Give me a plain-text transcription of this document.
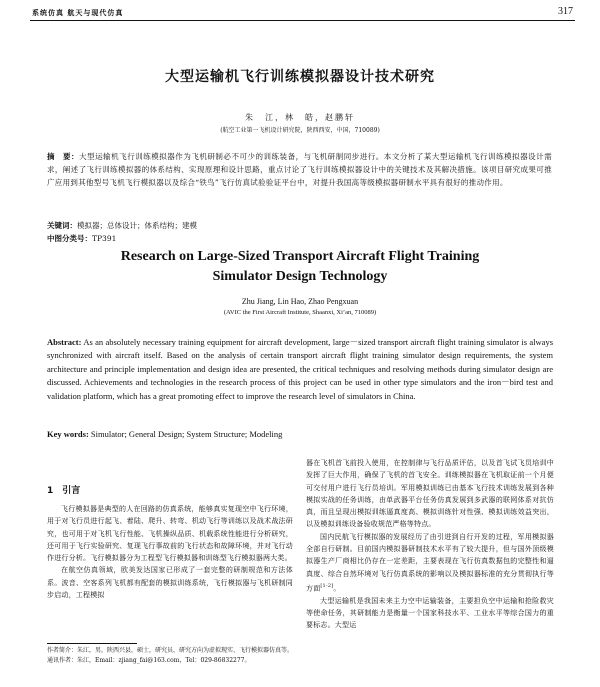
系统仿真 航天与现代仿真	317
大型运输机飞行训练模拟器设计技术研究
朱　江，林　皓，赵鹏轩
(航空工业第一飞机设计研究院，陕西西安，中国，710089)
摘　要：大型运输机飞行训练模拟器作为飞机研制必不可少的训练装备，与飞机研制同步进行。本文分析了某大型运输机飞行训练模拟器设计需求，阐述了飞行训练模拟器的体系结构、实现原理和设计思路，重点讨论了飞行训练模拟器设计中的关键技术及其解决措施。该项目研究成果可推广应用到其他型号飞机飞行模拟器以及综合“铁鸟”飞行仿真试验验证平台中，对提升我国高等级模拟器研制水平具有很好的推动作用。
关键词：模拟器；总体设计；体系结构；建模
中图分类号：TP391
Research on Large-Sized Transport Aircraft Flight Training
Simulator Design Technology
Zhu Jiang, Lin Hao, Zhao Pengxuan
(AVIC the First Aircraft Institute, Shaanxi, Xi’an, 710089)
Abstract: As an absolutely necessary training equipment for aircraft development, large－sized transport aircraft flight training simulator is always synchronized with aircraft itself. Based on the analysis of certain transport aircraft flight training simulator design requirements, the system architecture and principle implementation and design idea are presented, the critical techniques and resolving methods during simulator design are discussed. Achievements and technologies in the research process of this project can be used in other type simulators and the iron－bird test and validation platform, which has a great promoting effect to improve the research level of simulators in China.
Key words: Simulator; General Design; System Structure; Modeling
1　引言

飞行模拟器是典型的人在回路的仿真系统，能够真实复现空中飞行环境，用于对飞行员进行起飞、着陆、爬升、转弯、机动飞行等训练以及战术战法研究，也可用于对飞机飞行性能、飞机操纵品质、机载系统性能进行分析研究，还可用于飞行实验研究、复现飞行事故前的飞行状态和故障环境，并对飞行动作进行分析。飞行模拟器分为工程型飞行模拟器和训练型飞行模拟器两大类。

在航空仿真领域，欧美发达国家已形成了一套完整的研制规范和方法体系。波音、空客系列飞机都有配套的模拟训练系统，飞行模拟器与飞机研制同步启动，工程模拟

器在飞机首飞前投入使用，在控制律与飞行品质评估，以及首飞试飞员培训中发挥了巨大作用，确保了飞机的首飞安全。训练模拟器在飞机取证前一个月便可交付用户进行飞行员培训。军用模拟训练已由基本飞行技术训练发展到各种模拟实战的任务训练，由单武器平台任务仿真发展到多武器的联网体系对抗仿真，而且呈现出模拟训练逼真度高、模拟训练针对性强、模拟训练效益突出，以及模拟训练设备验收规范严格等特点。

国内民航飞行模拟器的发展经历了由引进到自行开发的过程，军用模拟器全部自行研制。目前国内模拟器研制技术水平有了较大提升，但与国外顶级模拟器生产厂商相比仍存在一定差距，主要表现在飞行仿真数据包的完整性和逼真度、综合自然环境对飞行仿真系统的影响以及模拟器标准的充分贯彻执行等方面[1-2]。

大型运输机是我国未来主力空中运输装备，主要担负空中运输和抢险救灾等使命任务，其研制能力是衡量一个国家科技水平、工业水平等综合国力的重要标志。大型运

作者简介：朱江，男，陕西兴县，硕士，研究员，研究方向为虚拟现实、飞行模拟器仿真等。
通讯作者：朱江，Email：zjiang_fai@163.com，Tel：029-86832277。
